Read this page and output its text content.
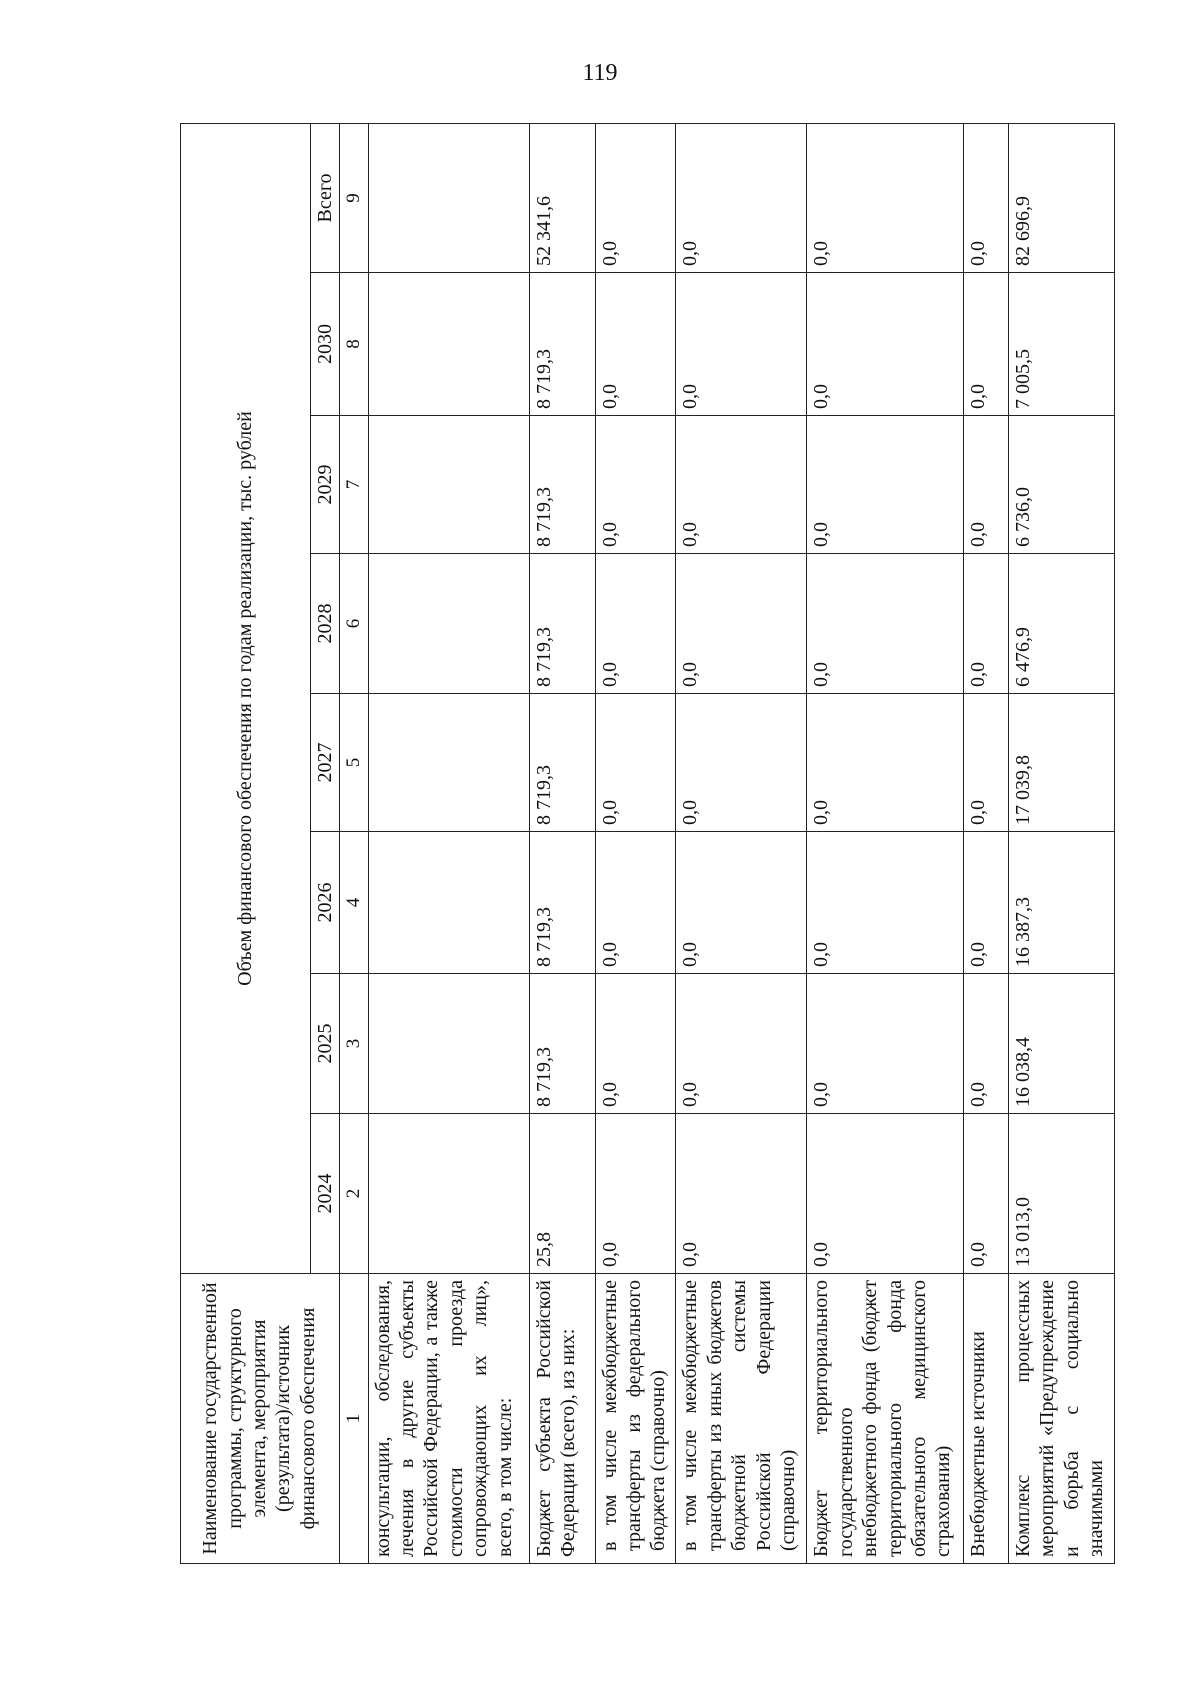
119
Наименование государственной программы, структурного элемента, мероприятия (результата)/источник финансового обеспечения	Объем финансового обеспечения по годам реализации, тыс. рублей							
	2024	2025	2026	2027	2028	2029	2030	Всего
1	2	3	4	5	6	7	8	9
консультации, обследования, лечения в другие субъекты Российской Федерации, а также стоимости проезда сопровождающих их лиц», всего, в том числе:								
Бюджет субъекта Российской Федерации (всего), из них:	25,8	8 719,3	8 719,3	8 719,3	8 719,3	8 719,3	8 719,3	52 341,6
в том числе межбюджетные трансферты из федерального бюджета (справочно)	0,0	0,0	0,0	0,0	0,0	0,0	0,0	0,0
в том числе межбюджетные трансферты из иных бюджетов бюджетной системы Российской Федерации (справочно)	0,0	0,0	0,0	0,0	0,0	0,0	0,0	0,0
Бюджет территориального государственного внебюджетного фонда (бюджет территориального фонда обязательного медицинского страхования)	0,0	0,0	0,0	0,0	0,0	0,0	0,0	0,0
Внебюджетные источники	0,0	0,0	0,0	0,0	0,0	0,0	0,0	0,0
Комплекс процессных мероприятий «Предупреждение и борьба с социально значимыми	13 013,0	16 038,4	16 387,3	17 039,8	6 476,9	6 736,0	7 005,5	82 696,9
